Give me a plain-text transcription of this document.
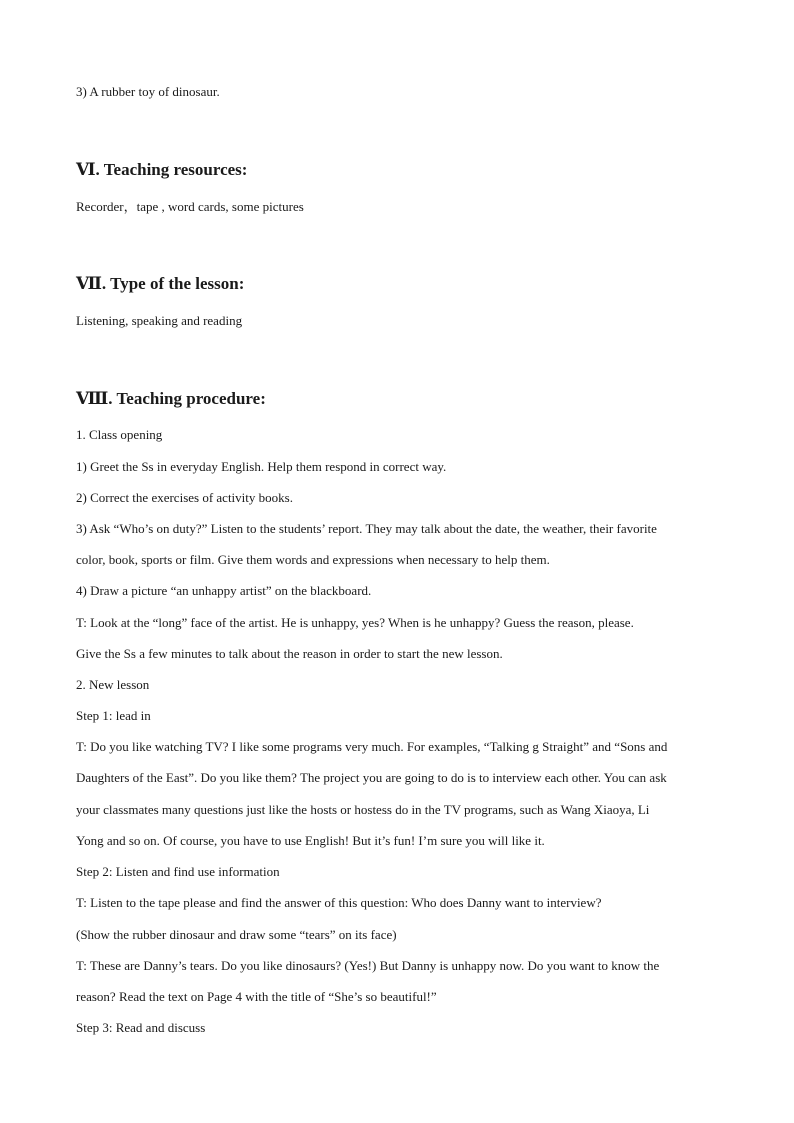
3) A rubber toy of dinosaur.
Ⅵ. Teaching resources:
Recorder，tape , word cards, some pictures
Ⅶ. Type of the lesson:
Listening, speaking and reading
Ⅷ. Teaching procedure:
1. Class opening
1) Greet the Ss in everyday English. Help them respond in correct way.
2) Correct the exercises of activity books.
3) Ask “Who’s on duty?” Listen to the students’ report. They may talk about the date, the weather, their favorite
color, book, sports or film. Give them words and expressions when necessary to help them.
4) Draw a picture “an unhappy artist” on the blackboard.
T: Look at the “long” face of the artist. He is unhappy, yes? When is he unhappy? Guess the reason, please.
Give the Ss a few minutes to talk about the reason in order to start the new lesson.
2. New lesson
Step 1: lead in
T: Do you like watching TV? I like some programs very much. For examples, “Talking g Straight” and “Sons and
Daughters of the East”. Do you like them? The project you are going to do is to interview each other. You can ask
your classmates many questions just like the hosts or hostess do in the TV programs, such as Wang Xiaoya, Li
Yong and so on. Of course, you have to use English! But it’s fun! I’m sure you will like it.
Step 2: Listen and find use information
T: Listen to the tape please and find the answer of this question: Who does Danny want to interview?
(Show the rubber dinosaur and draw some “tears” on its face)
T: These are Danny’s tears. Do you like dinosaurs? (Yes!) But Danny is unhappy now. Do you want to know the
reason? Read the text on Page 4 with the title of “She’s so beautiful!”
Step 3: Read and discuss
